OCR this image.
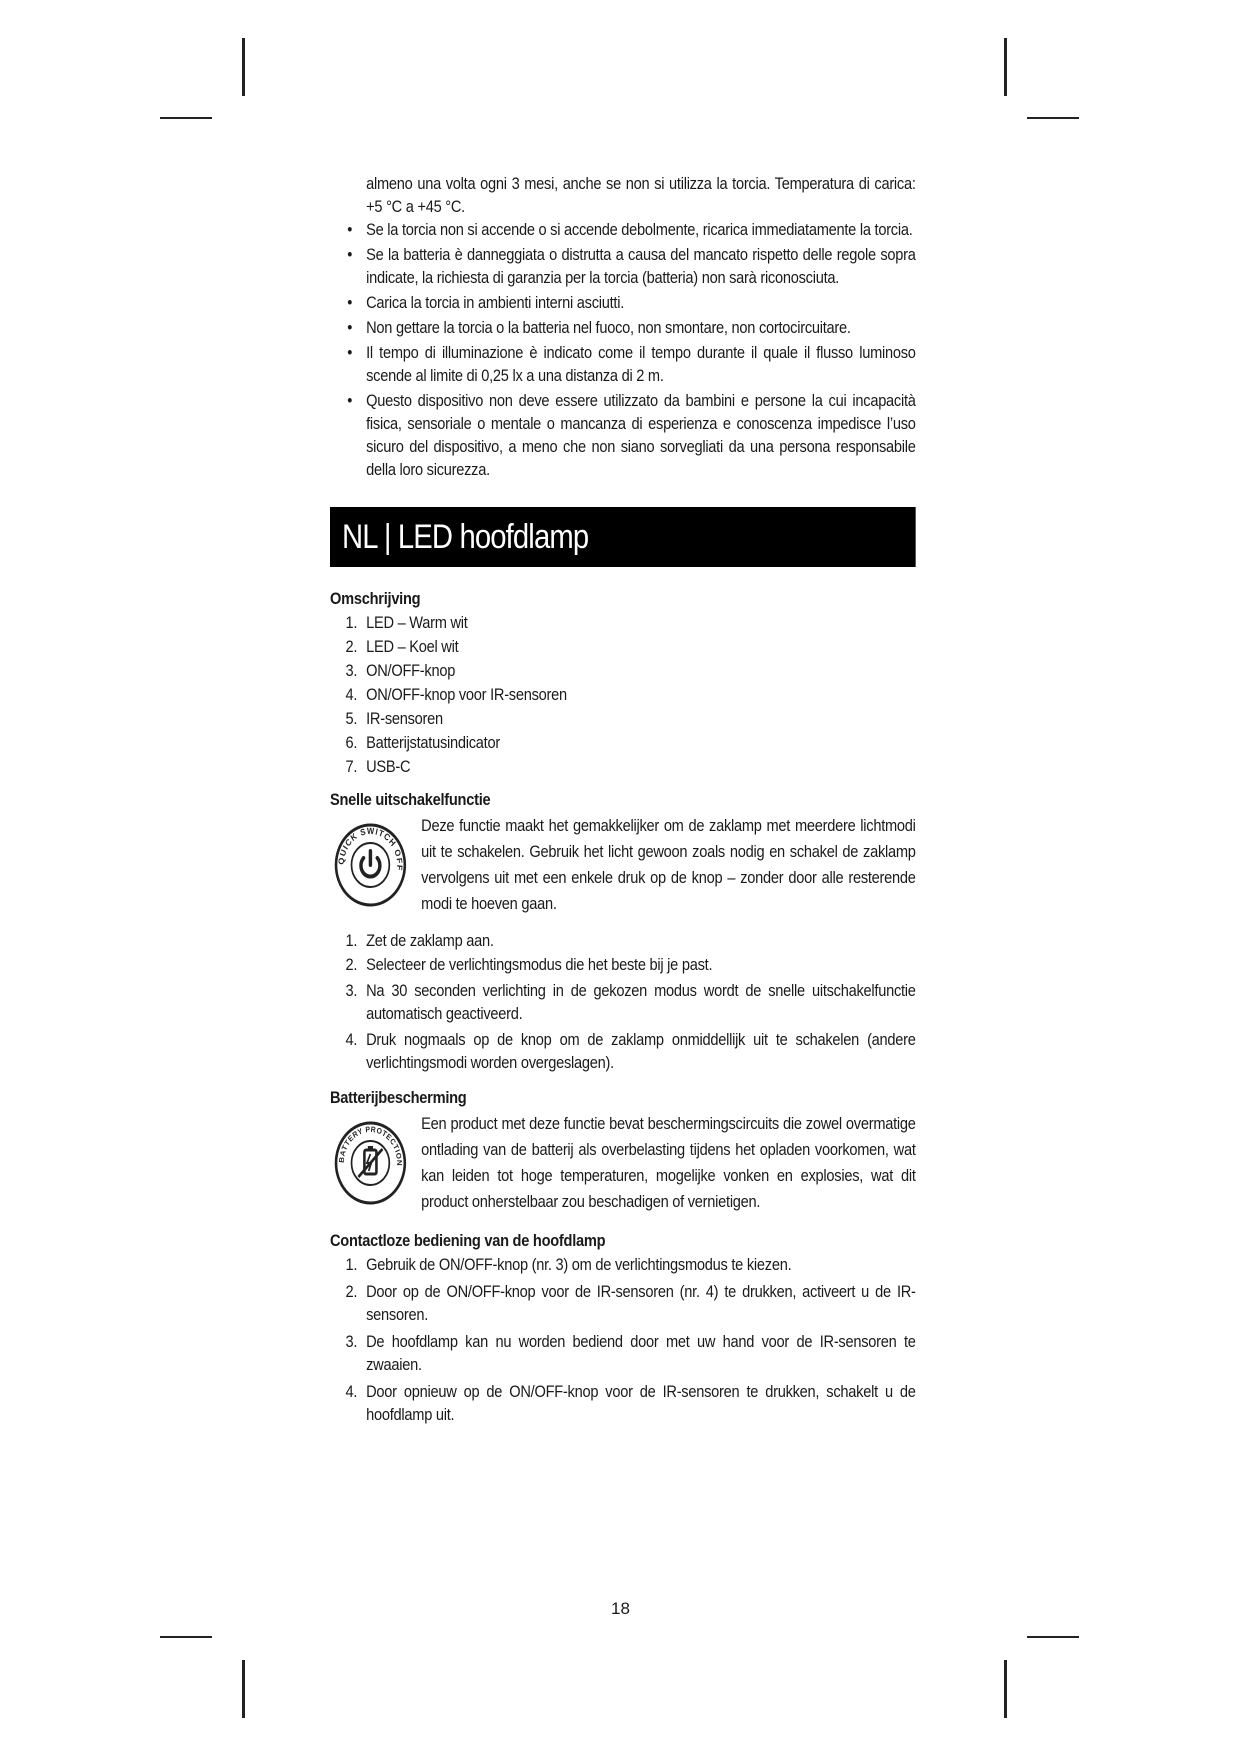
almeno una volta ogni 3 mesi, anche se non si utilizza la torcia. Temperatura di carica: +5 °C a +45 °C.
• Se la torcia non si accende o si accende debolmente, ricarica immediatamente la torcia.
• Se la batteria è danneggiata o distrutta a causa del mancato rispetto delle regole sopra indicate, la richiesta di garanzia per la torcia (batteria) non sarà riconosciuta.
• Carica la torcia in ambienti interni asciutti.
• Non gettare la torcia o la batteria nel fuoco, non smontare, non cortocircuitare.
• Il tempo di illuminazione è indicato come il tempo durante il quale il flusso luminoso scende al limite di 0,25 lx a una distanza di 2 m.
• Questo dispositivo non deve essere utilizzato da bambini e persone la cui incapacità fisica, sensoriale o mentale o mancanza di esperienza e conoscenza impedisce l’uso sicuro del dispositivo, a meno che non siano sorvegliati da una persona responsabile della loro sicurezza.
NL | LED hoofdlamp
Omschrijving
1. LED – Warm wit
2. LED – Koel wit
3. ON/OFF-knop
4. ON/OFF-knop voor IR-sensoren
5. IR-sensoren
6. Batterijstatusindicator
7. USB-C
Snelle uitschakelfunctie
QUICK SWITCH OFF

Deze functie maakt het gemakkelijker om de zaklamp met meerdere lichtmodi uit te schakelen. Gebruik het licht gewoon zoals nodig en schakel de zaklamp vervolgens uit met een enkele druk op de knop – zonder door alle resterende modi te hoeven gaan.

1. Zet de zaklamp aan.
2. Selecteer de verlichtingsmodus die het beste bij je past.
3. Na 30 seconden verlichting in de gekozen modus wordt de snelle uitschakelfunctie automatisch geactiveerd.
4. Druk nogmaals op de knop om de zaklamp onmiddellijk uit te schakelen (andere verlichtingsmodi worden overgeslagen).
Batterijbescherming
BATTERY PROTECTION

Een product met deze functie bevat beschermingscircuits die zowel overmatige ontlading van de batterij als overbelasting tijdens het opladen voorkomen, wat kan leiden tot hoge temperaturen, mogelijke vonken en explosies, wat dit product onherstelbaar zou beschadigen of vernietigen.

Contactloze bediening van de hoofdlamp
1. Gebruik de ON/OFF-knop (nr. 3) om de verlichtingsmodus te kiezen.
2. Door op de ON/OFF-knop voor de IR-sensoren (nr. 4) te drukken, activeert u de IR-sensoren.
3. De hoofdlamp kan nu worden bediend door met uw hand voor de IR-sensoren te zwaaien.
4. Door opnieuw op de ON/OFF-knop voor de IR-sensoren te drukken, schakelt u de hoofdlamp uit.
18
